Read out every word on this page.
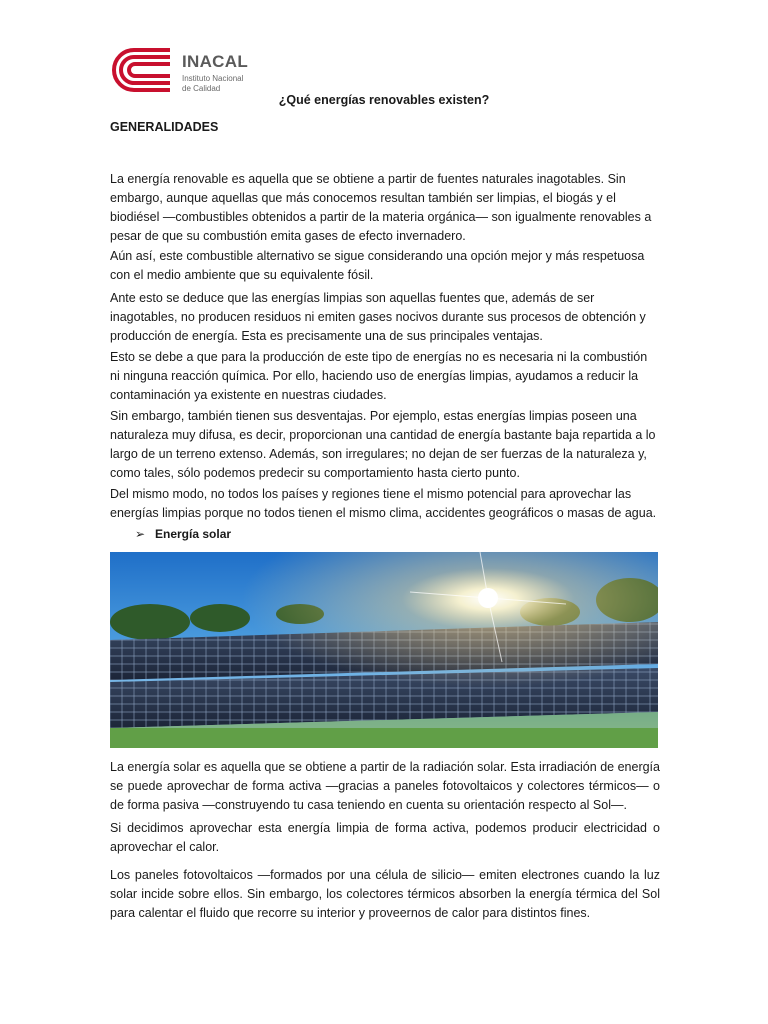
INACAL
Instituto Nacional
de Calidad
¿Qué energías renovables existen?
GENERALIDADES

La energía renovable es aquella que se obtiene a partir de fuentes naturales inagotables. Sin embargo, aunque aquellas que más conocemos resultan también ser limpias, el biogás y el biodiésel —combustibles obtenidos a partir de la materia orgánica— son igualmente renovables a pesar de que su combustión emita gases de efecto invernadero.

Aún así, este combustible alternativo se sigue considerando una opción mejor y más respetuosa con el medio ambiente que su equivalente fósil.

Ante esto se deduce que las energías limpias son aquellas fuentes que, además de ser inagotables, no producen residuos ni emiten gases nocivos durante sus procesos de obtención y producción de energía. Esta es precisamente una de sus principales ventajas.

Esto se debe a que para la producción de este tipo de energías no es necesaria ni la combustión ni ninguna reacción química. Por ello, haciendo uso de energías limpias, ayudamos a reducir la contaminación ya existente en nuestras ciudades.

Sin embargo, también tienen sus desventajas. Por ejemplo, estas energías limpias poseen una naturaleza muy difusa, es decir, proporcionan una cantidad de energía bastante baja repartida a lo largo de un terreno extenso. Además, son irregulares; no dejan de ser fuerzas de la naturaleza y, como tales, sólo podemos predecir su comportamiento hasta cierto punto.

Del mismo modo, no todos los países y regiones tiene el mismo potencial para aprovechar las energías limpias porque no todos tienen el mismo clima, accidentes geográficos o masas de agua.

➢ Energía solar

La energía solar es aquella que se obtiene a partir de la radiación solar. Esta irradiación de energía se puede aprovechar de forma activa —gracias a paneles fotovoltaicos y colectores térmicos— o de forma pasiva —construyendo tu casa teniendo en cuenta su orientación respecto al Sol—.

Si decidimos aprovechar esta energía limpia de forma activa, podemos producir electricidad o aprovechar el calor.

Los paneles fotovoltaicos —formados por una célula de silicio— emiten electrones cuando la luz solar incide sobre ellos. Sin embargo, los colectores térmicos absorben la energía térmica del Sol para calentar el fluido que recorre su interior y proveernos de calor para distintos fines.
